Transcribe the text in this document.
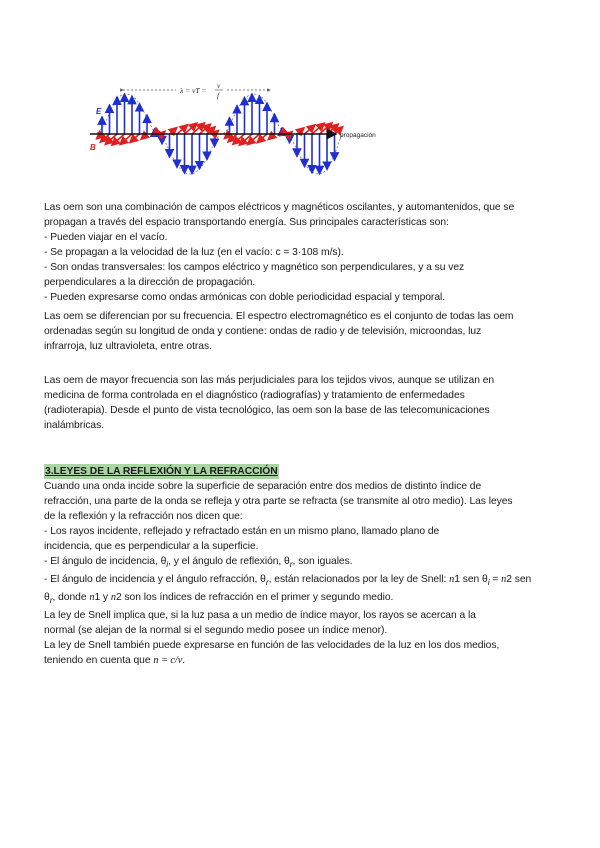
λ = vT = v
f
propagación
E
B

Las oem son una combinación de campos eléctricos y magnéticos oscilantes, y automantenidos, que se

propagan a través del espacio transportando energía. Sus principales características son:

- Pueden viajar en el vacío.

- Se propagan a la velocidad de la luz (en el vacío: c = 3·108 m/s).

- Son ondas transversales: los campos eléctrico y magnético son perpendiculares, y a su vez

perpendiculares a la dirección de propagación.

- Pueden expresarse como ondas armónicas con doble periodicidad espacial y temporal.

Las oem se diferencian por su frecuencia. El espectro electromagnético es el conjunto de todas las oem

ordenadas según su longitud de onda y contiene: ondas de radio y de televisión, microondas, luz

infrarroja, luz ultravioleta, entre otras.

Las oem de mayor frecuencia son las más perjudiciales para los tejidos vivos, aunque se utilizan en

medicina de forma controlada en el diagnóstico (radiografías) y tratamiento de enfermedades

(radioterapia). Desde el punto de vista tecnológico, las oem son la base de las telecomunicaciones

inalámbricas.

3.LEYES DE LA REFLEXIÓN Y LA REFRACCIÓN

Cuando una onda incide sobre la superficie de separación entre dos medios de distinto índice de

refracción, una parte de la onda se refleja y otra parte se refracta (se transmite al otro medio). Las leyes

de la reflexión y la refracción nos dicen que:

- Los rayos incidente, reflejado y refractado están en un mismo plano, llamado plano de

incidencia, que es perpendicular a la superficie.

- El ángulo de incidencia, $\theta_i$, y el ángulo de reflexión, $\theta_r$, son iguales.

- El ángulo de incidencia y el ángulo refracción, $\theta_r$, están relacionados por la ley de Snell: n1 sen $\theta_i = n2$ sen

$\theta_r$, donde n1 y n2 son los índices de refracción en el primer y segundo medio.

La ley de Snell implica que, si la luz pasa a un medio de índice mayor, los rayos se acercan a la

normal (se alejan de la normal si el segundo medio posee un índice menor).

La ley de Snell también puede expresarse en función de las velocidades de la luz en los dos medios,

teniendo en cuenta que n = c/v.
